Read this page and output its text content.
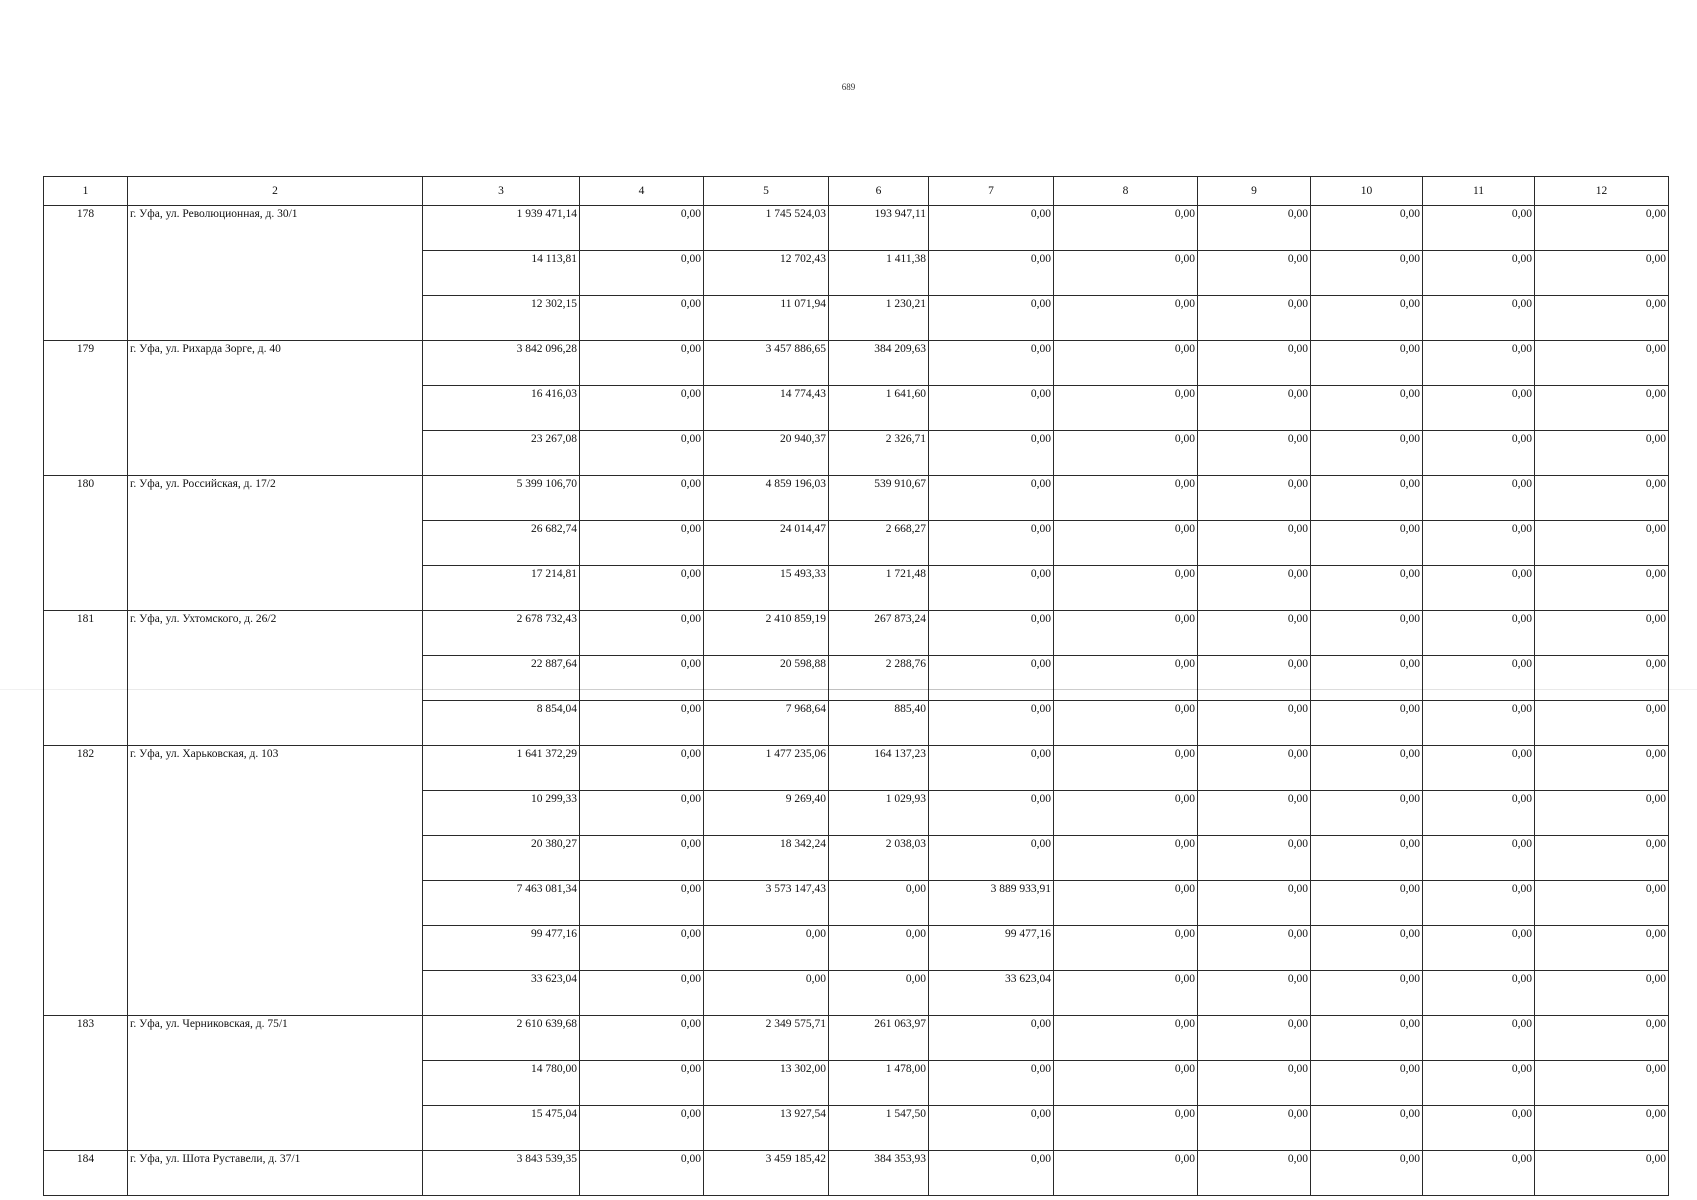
689
1	2	3	4	5	6	7	8	9	10	11	12
178	г. Уфа, ул. Революционная, д. 30/1	1 939 471,14	0,00	1 745 524,03	193 947,11	0,00	0,00	0,00	0,00	0,00	0,00
		14 113,81	0,00	12 702,43	1 411,38	0,00	0,00	0,00	0,00	0,00	0,00
		12 302,15	0,00	11 071,94	1 230,21	0,00	0,00	0,00	0,00	0,00	0,00
179	г. Уфа, ул. Рихарда Зорге, д. 40	3 842 096,28	0,00	3 457 886,65	384 209,63	0,00	0,00	0,00	0,00	0,00	0,00
		16 416,03	0,00	14 774,43	1 641,60	0,00	0,00	0,00	0,00	0,00	0,00
		23 267,08	0,00	20 940,37	2 326,71	0,00	0,00	0,00	0,00	0,00	0,00
180	г. Уфа, ул. Российская, д. 17/2	5 399 106,70	0,00	4 859 196,03	539 910,67	0,00	0,00	0,00	0,00	0,00	0,00
		26 682,74	0,00	24 014,47	2 668,27	0,00	0,00	0,00	0,00	0,00	0,00
		17 214,81	0,00	15 493,33	1 721,48	0,00	0,00	0,00	0,00	0,00	0,00
181	г. Уфа, ул. Ухтомского, д. 26/2	2 678 732,43	0,00	2 410 859,19	267 873,24	0,00	0,00	0,00	0,00	0,00	0,00
		22 887,64	0,00	20 598,88	2 288,76	0,00	0,00	0,00	0,00	0,00	0,00
		8 854,04	0,00	7 968,64	885,40	0,00	0,00	0,00	0,00	0,00	0,00
182	г. Уфа, ул. Харьковская, д. 103	1 641 372,29	0,00	1 477 235,06	164 137,23	0,00	0,00	0,00	0,00	0,00	0,00
		10 299,33	0,00	9 269,40	1 029,93	0,00	0,00	0,00	0,00	0,00	0,00
		20 380,27	0,00	18 342,24	2 038,03	0,00	0,00	0,00	0,00	0,00	0,00
		7 463 081,34	0,00	3 573 147,43	0,00	3 889 933,91	0,00	0,00	0,00	0,00	0,00
		99 477,16	0,00	0,00	0,00	99 477,16	0,00	0,00	0,00	0,00	0,00
		33 623,04	0,00	0,00	0,00	33 623,04	0,00	0,00	0,00	0,00	0,00
183	г. Уфа, ул. Черниковская, д. 75/1	2 610 639,68	0,00	2 349 575,71	261 063,97	0,00	0,00	0,00	0,00	0,00	0,00
		14 780,00	0,00	13 302,00	1 478,00	0,00	0,00	0,00	0,00	0,00	0,00
		15 475,04	0,00	13 927,54	1 547,50	0,00	0,00	0,00	0,00	0,00	0,00
184	г. Уфа, ул. Шота Руставели, д. 37/1	3 843 539,35	0,00	3 459 185,42	384 353,93	0,00	0,00	0,00	0,00	0,00	0,00
